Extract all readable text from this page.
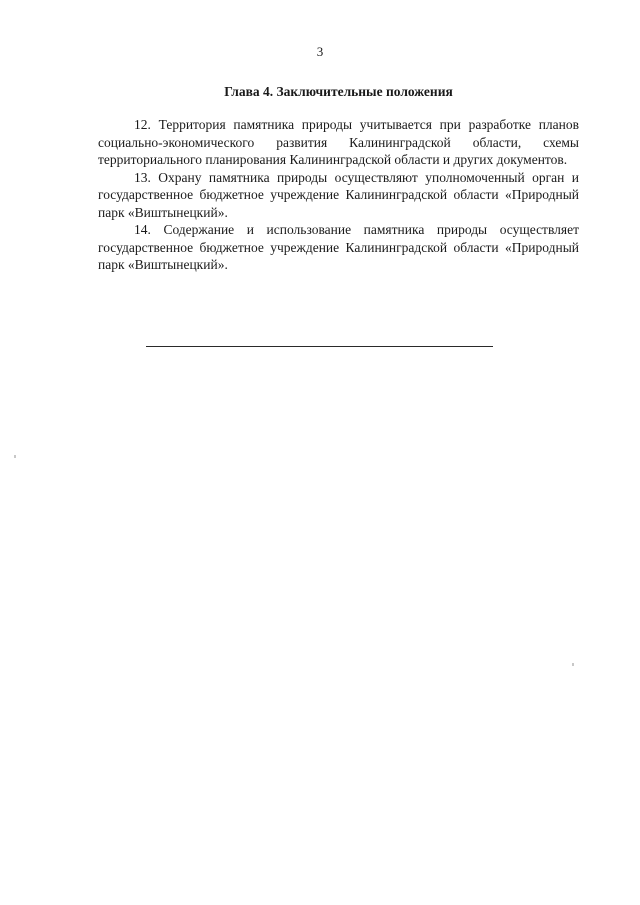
3
Глава 4. Заключительные положения

12. Территория памятника природы учитывается при разработке планов социально-экономического развития Калининградской области, схемы территориального планирования Калининградской области и других документов.

13. Охрану памятника природы осуществляют уполномоченный орган и государственное бюджетное учреждение Калининградской области «Природный парк «Виштынецкий».

14. Содержание и использование памятника природы осуществляет государственное бюджетное учреждение Калининградской области «Природный парк «Виштынецкий».
